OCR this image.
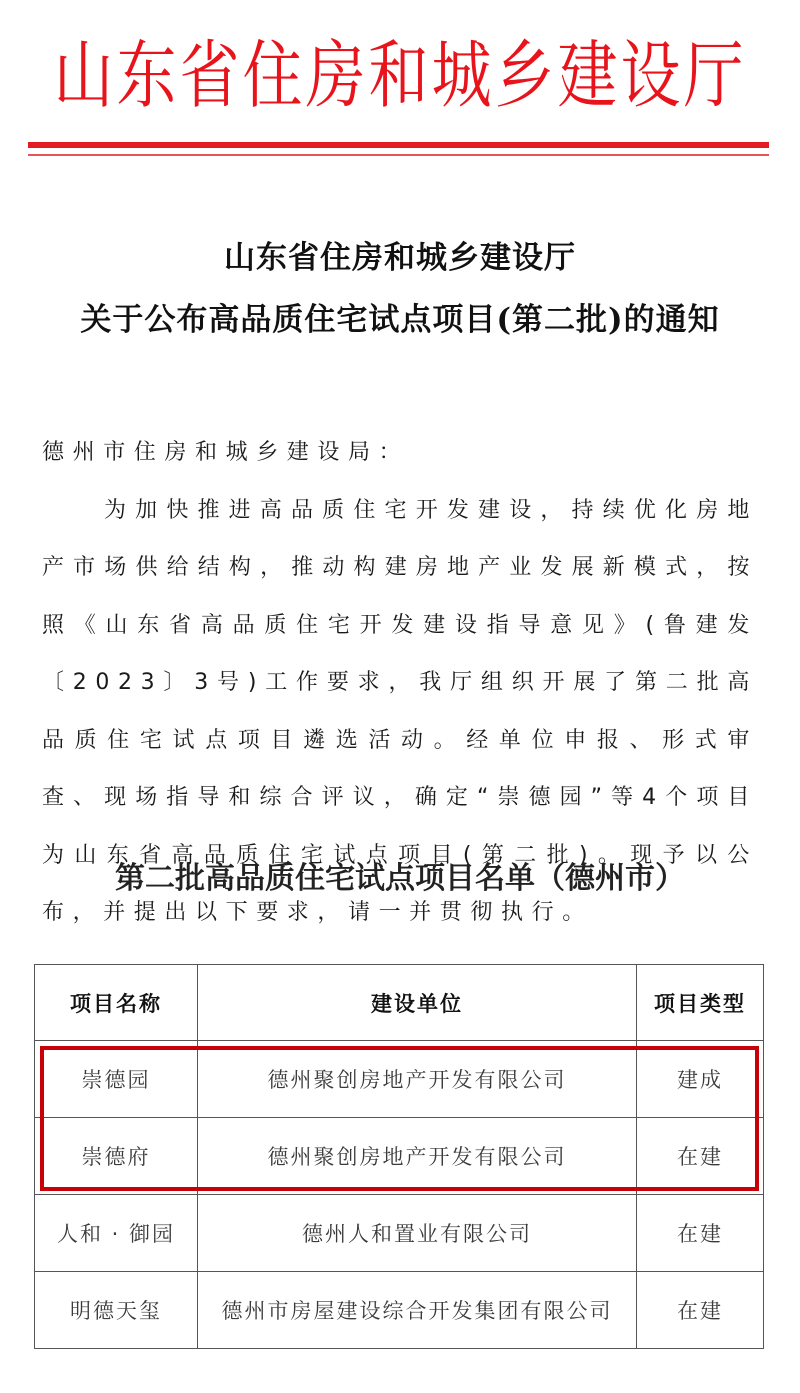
山东省住房和城乡建设厅
山东省住房和城乡建设厅
关于公布高品质住宅试点项目(第二批)的通知
德州市住房和城乡建设局：
为加快推进高品质住宅开发建设，持续优化房地产市场供给结构，推动构建房地产业发展新模式，按照《山东省高品质住宅开发建设指导意见》(鲁建发〔2023〕3号)工作要求，我厅组织开展了第二批高品质住宅试点项目遴选活动。经单位申报、形式审查、现场指导和综合评议，确定“崇德园”等4个项目为山东省高品质住宅试点项目(第二批)。现予以公布，并提出以下要求，请一并贯彻执行。
第二批高品质住宅试点项目名单（德州市）
项目名称	建设单位	项目类型
崇德园	德州聚创房地产开发有限公司	建成
崇德府	德州聚创房地产开发有限公司	在建
人和 · 御园	德州人和置业有限公司	在建
明德天玺	德州市房屋建设综合开发集团有限公司	在建
